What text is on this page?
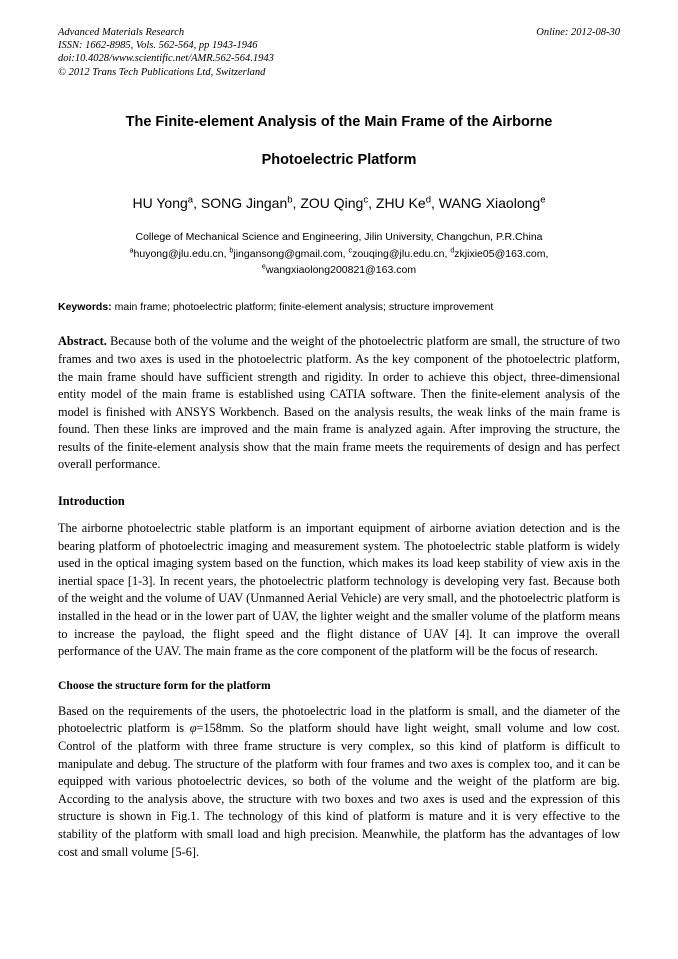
Advanced Materials Research
ISSN: 1662-8985, Vols. 562-564, pp 1943-1946
doi:10.4028/www.scientific.net/AMR.562-564.1943
© 2012 Trans Tech Publications Ltd, Switzerland
Online: 2012-08-30
The Finite-element Analysis of the Main Frame of the Airborne
Photoelectric Platform
HU Yong$^a$, SONG Jingan$^b$, ZOU Qing$^c$, ZHU Ke$^d$, WANG Xiaolong$^e$
College of Mechanical Science and Engineering, Jilin University, Changchun, P.R.China
$^a$huyong@jlu.edu.cn, $^b$jingansong@gmail.com, $^c$zouqing@jlu.edu.cn, $^d$zkjixie05@163.com,
$^e$wangxiaolong200821@163.com
Keywords: main frame; photoelectric platform; finite-element analysis; structure improvement
Abstract. Because both of the volume and the weight of the photoelectric platform are small, the structure of two frames and two axes is used in the photoelectric platform. As the key component of the photoelectric platform, the main frame should have sufficient strength and rigidity. In order to achieve this object, three-dimensional entity model of the main frame is established using CATIA software. Then the finite-element analysis of the model is finished with ANSYS Workbench. Based on the analysis results, the weak links of the main frame is found. Then these links are improved and the main frame is analyzed again. After improving the structure, the results of the finite-element analysis show that the main frame meets the requirements of design and has perfect overall performance.
Introduction
The airborne photoelectric stable platform is an important equipment of airborne aviation detection and is the bearing platform of photoelectric imaging and measurement system. The photoelectric stable platform is widely used in the optical imaging system based on the function, which makes its load keep stability of view axis in the inertial space [1-3]. In recent years, the photoelectric platform technology is developing very fast. Because both of the weight and the volume of UAV (Unmanned Aerial Vehicle) are very small, and the photoelectric platform is installed in the head or in the lower part of UAV, the lighter weight and the smaller volume of the platform means to increase the payload, the flight speed and the flight distance of UAV [4]. It can improve the overall performance of the UAV. The main frame as the core component of the platform will be the focus of research.
Choose the structure form for the platform
Based on the requirements of the users, the photoelectric load in the platform is small, and the diameter of the photoelectric platform is φ=158mm. So the platform should have light weight, small volume and low cost. Control of the platform with three frame structure is very complex, so this kind of platform is difficult to manipulate and debug. The structure of the platform with four frames and two axes is complex too, and it can be equipped with various photoelectric devices, so both of the volume and the weight of the platform are big. According to the analysis above, the structure with two boxes and two axes is used and the expression of this structure is shown in Fig.1. The technology of this kind of platform is mature and it is very effective to the stability of the platform with small load and high precision. Meanwhile, the platform has the advantages of low cost and small volume [5-6].
